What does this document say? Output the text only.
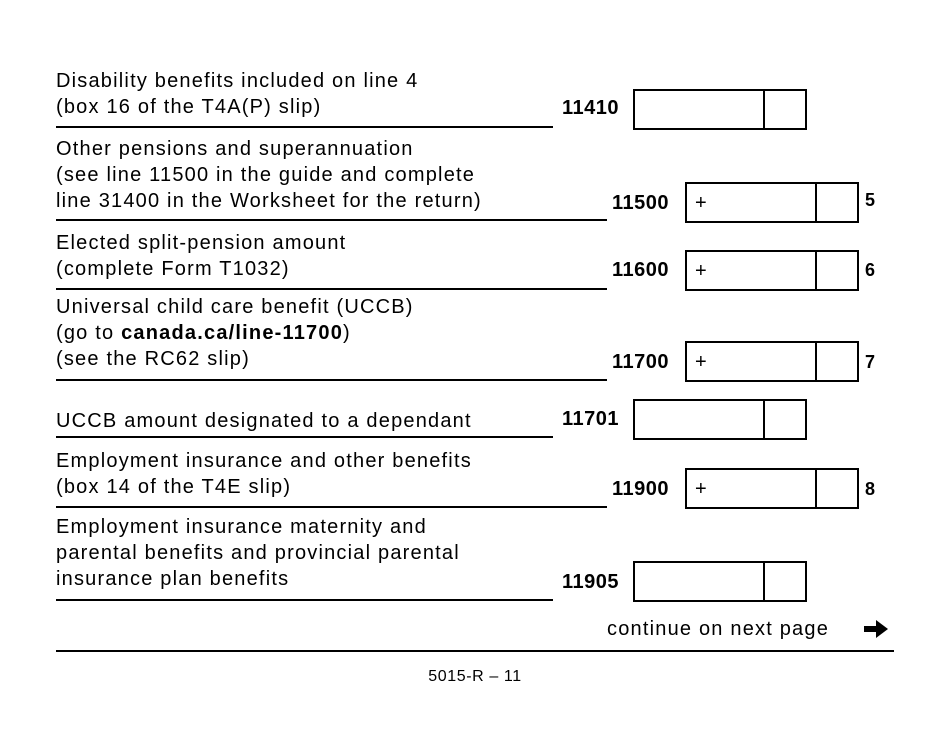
Disability benefits included on line 4
(box 16 of the T4A(P) slip)	11410
Other pensions and superannuation
(see line 11500 in the guide and complete
line 31400 in the Worksheet for the return)	11500 +	5
Elected split-pension amount
(complete Form T1032)	11600 +	6
Universal child care benefit (UCCB)
(go to canada.ca/line-11700)
(see the RC62 slip)	11700 +	7
UCCB amount designated to a dependant	11701
Employment insurance and other benefits
(box 14 of the T4E slip)	11900 +	8
Employment insurance maternity and
parental benefits and provincial parental
insurance plan benefits	11905
continue on next page
5015-R – 11
